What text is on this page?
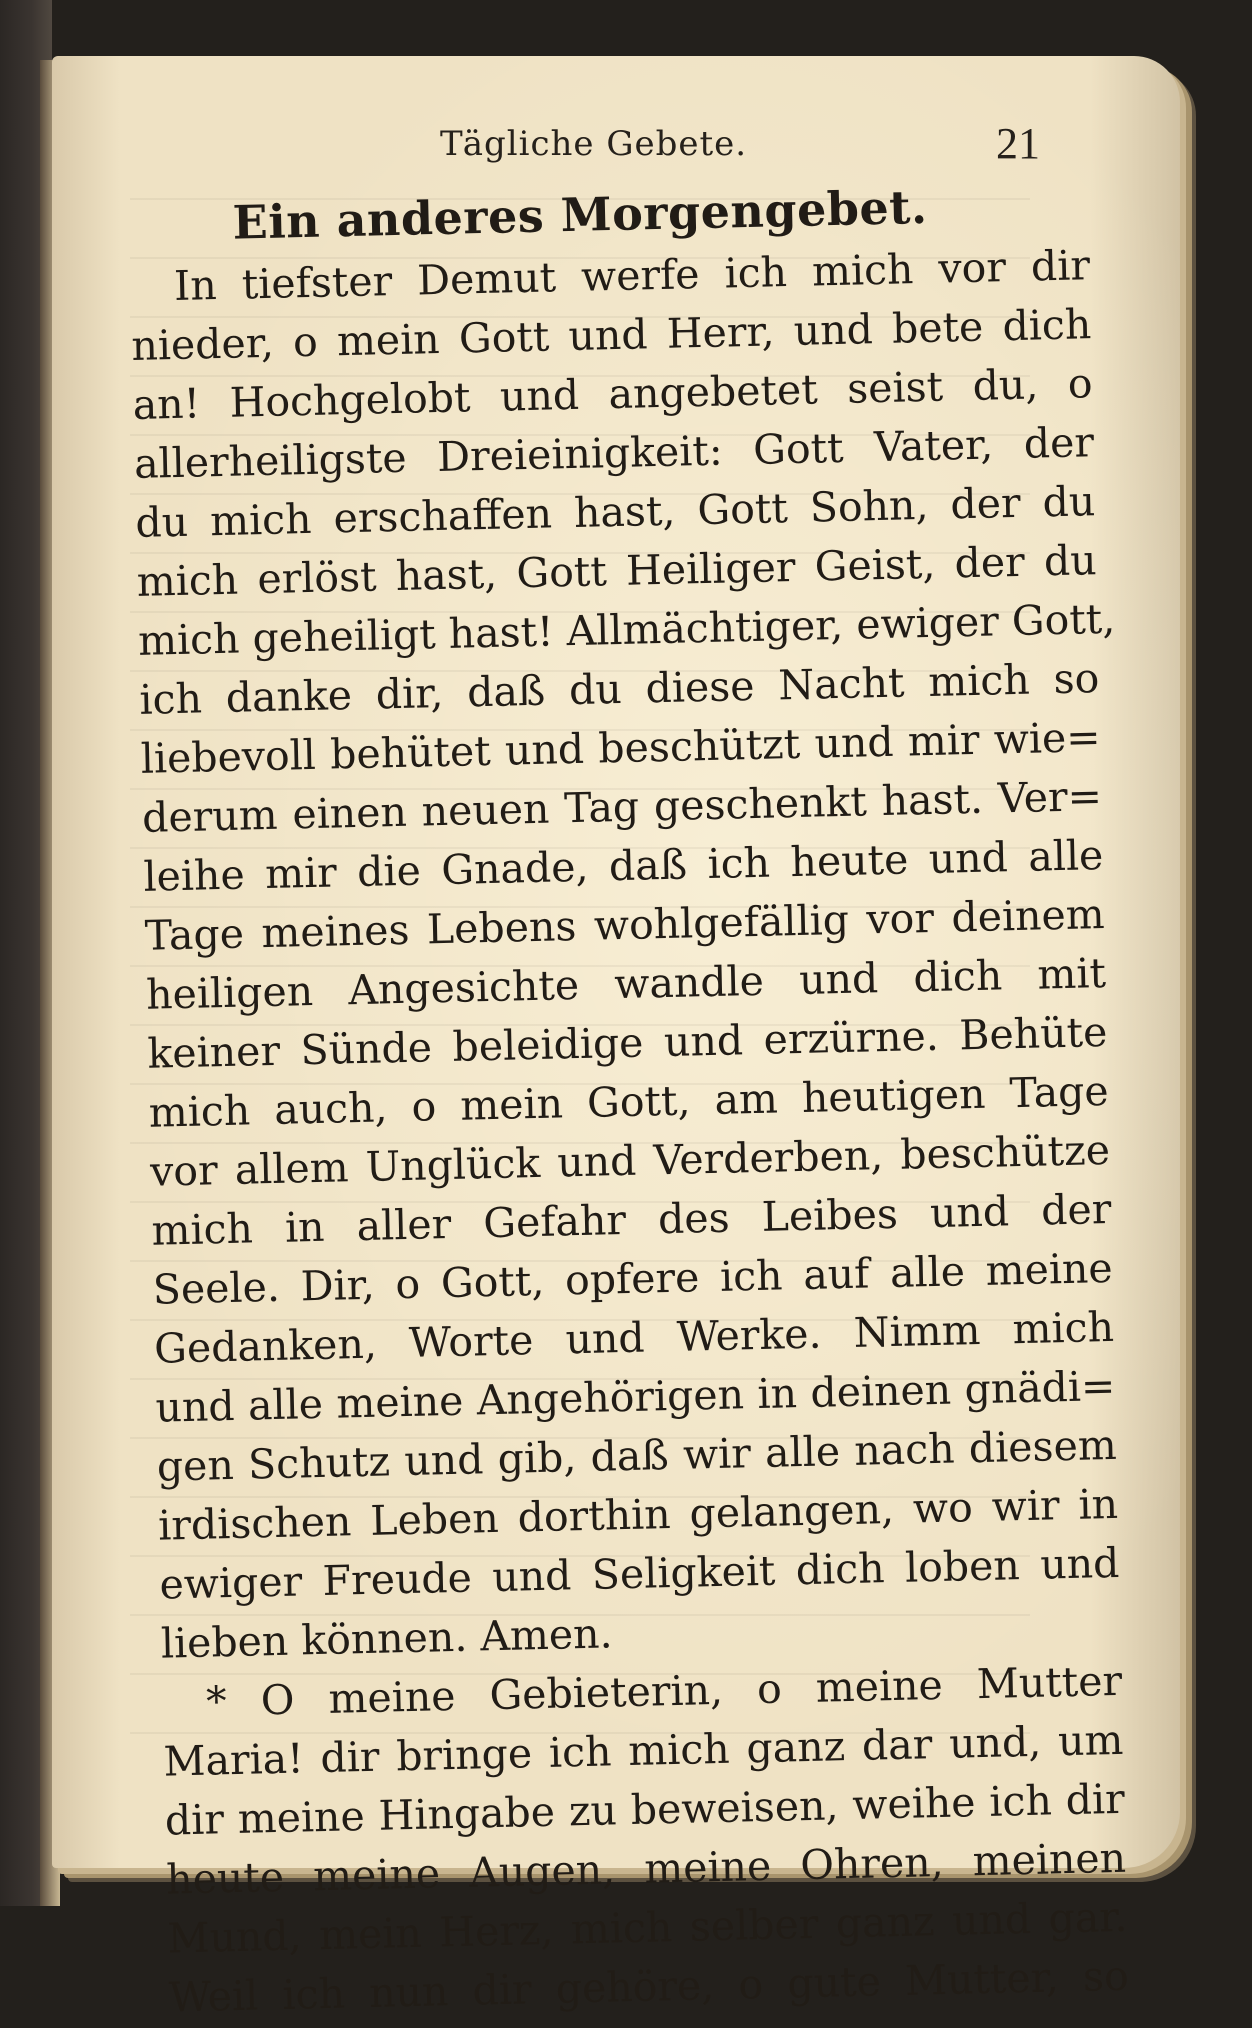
Tägliche Gebete.	21
Ein anderes Morgengebet.
In tiefster Demut werfe ich mich vor dir
nieder, o mein Gott und Herr, und bete dich
an! Hochgelobt und angebetet seist du, o
allerheiligste Dreieinigkeit: Gott Vater, der
du mich erschaffen hast, Gott Sohn, der du
mich erlöst hast, Gott Heiliger Geist, der du
mich geheiligt hast! Allmächtiger, ewiger Gott,
ich danke dir, daß du diese Nacht mich so
liebevoll behütet und beschützt und mir wie=
derum einen neuen Tag geschenkt hast. Ver=
leihe mir die Gnade, daß ich heute und alle
Tage meines Lebens wohlgefällig vor deinem
heiligen Angesichte wandle und dich mit
keiner Sünde beleidige und erzürne. Behüte
mich auch, o mein Gott, am heutigen Tage
vor allem Unglück und Verderben, beschütze
mich in aller Gefahr des Leibes und der
Seele. Dir, o Gott, opfere ich auf alle meine
Gedanken, Worte und Werke. Nimm mich
und alle meine Angehörigen in deinen gnädi=
gen Schutz und gib, daß wir alle nach diesem
irdischen Leben dorthin gelangen, wo wir in
ewiger Freude und Seligkeit dich loben und
lieben können. Amen.
* O meine Gebieterin, o meine Mutter
Maria! dir bringe ich mich ganz dar und, um
dir meine Hingabe zu beweisen, weihe ich dir
heute meine Augen, meine Ohren, meinen
Mund, mein Herz, mich selber ganz und gar.
Weil ich nun dir gehöre, o gute Mutter, so
